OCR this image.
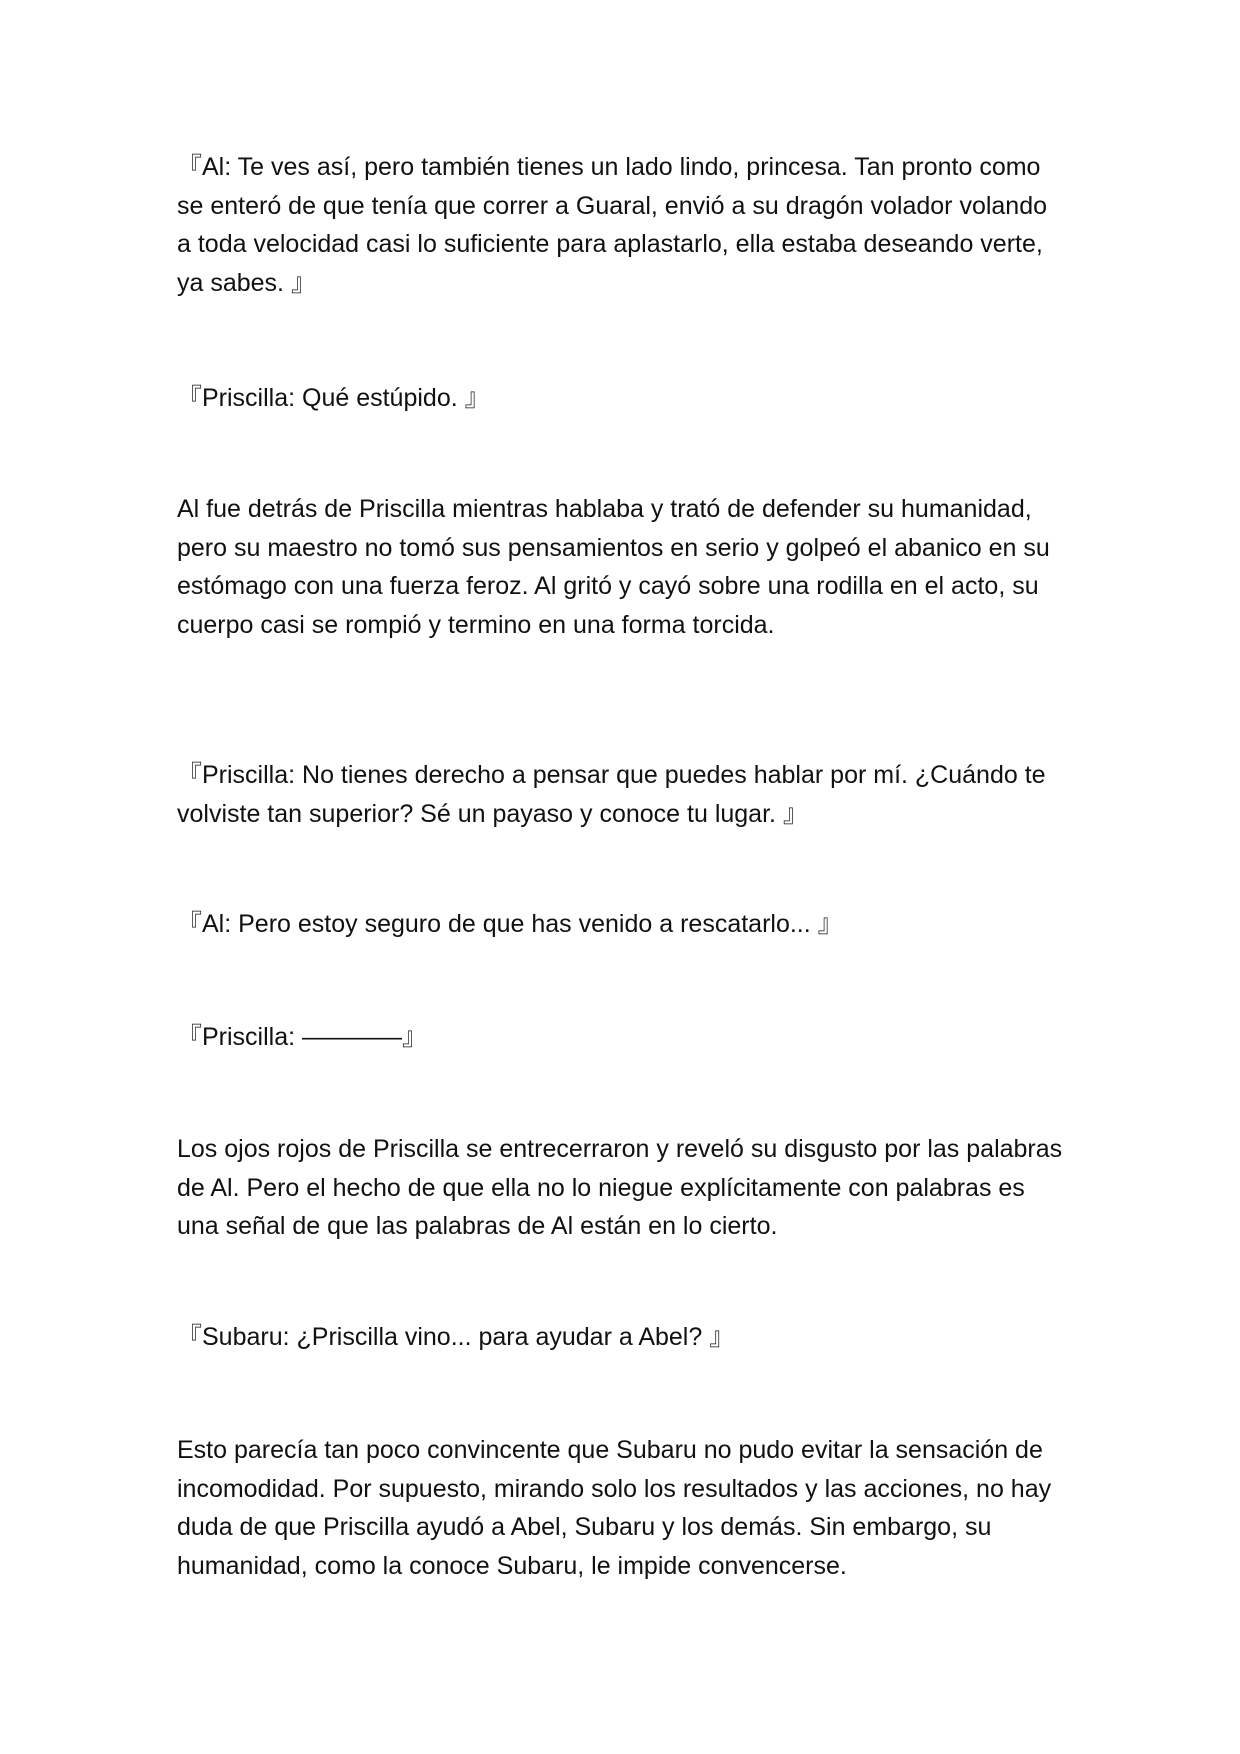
『Al: Te ves así, pero también tienes un lado lindo, princesa. Tan pronto como se enteró de que tenía que correr a Guaral, envió a su dragón volador volando a toda velocidad casi lo suficiente para aplastarlo, ella estaba deseando verte, ya sabes. 』

『Priscilla: Qué estúpido. 』

Al fue detrás de Priscilla mientras hablaba y trató de defender su humanidad, pero su maestro no tomó sus pensamientos en serio y golpeó el abanico en su estómago con una fuerza feroz. Al gritó y cayó sobre una rodilla en el acto, su cuerpo casi se rompió y termino en una forma torcida.

『Priscilla: No tienes derecho a pensar que puedes hablar por mí. ¿Cuándo te volviste tan superior? Sé un payaso y conoce tu lugar. 』

『Al: Pero estoy seguro de que has venido a rescatarlo... 』

『Priscilla: ————』

Los ojos rojos de Priscilla se entrecerraron y reveló su disgusto por las palabras de Al. Pero el hecho de que ella no lo niegue explícitamente con palabras es una señal de que las palabras de Al están en lo cierto.

『Subaru: ¿Priscilla vino... para ayudar a Abel? 』

Esto parecía tan poco convincente que Subaru no pudo evitar la sensación de incomodidad. Por supuesto, mirando solo los resultados y las acciones, no hay duda de que Priscilla ayudó a Abel, Subaru y los demás. Sin embargo, su humanidad, como la conoce Subaru, le impide convencerse.
